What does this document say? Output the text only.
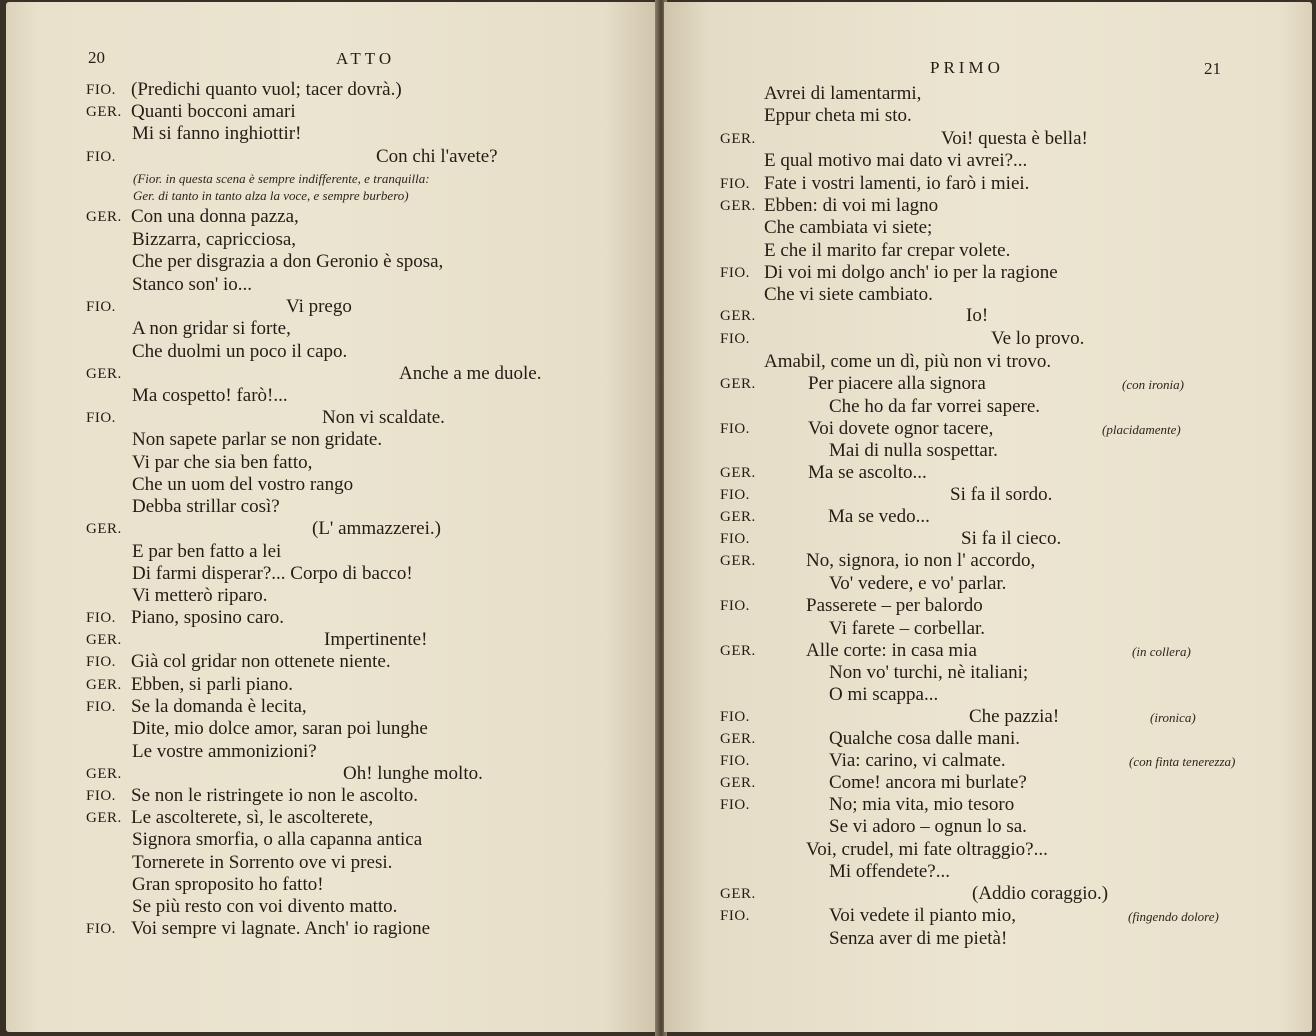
20	ATTO
FIO. (Predichi quanto vuol; tacer dovrà.)
GER. Quanti bocconi amari
Mi si fanno inghiottir!
FIO.	Con chi l'avete?
(Fior. in questa scena è sempre indifferente, e tranquilla:
Ger. di tanto in tanto alza la voce, e sempre burbero)
GER. Con una donna pazza,
Bizzarra, capricciosa,
Che per disgrazia a don Geronio è sposa,
Stanco son' io...
FIO.	Vi prego
A non gridar si forte,
Che duolmi un poco il capo.
GER.	Anche a me duole.
Ma cospetto! farò!...
FIO.	Non vi scaldate.
Non sapete parlar se non gridate.
Vi par che sia ben fatto,
Che un uom del vostro rango
Debba strillar così?
GER.	(L' ammazzerei.)
E par ben fatto a lei
Di farmi disperar?... Corpo di bacco!
Vi metterò riparo.
FIO. Piano, sposino caro.
GER.	Impertinente!
FIO. Già col gridar non ottenete niente.
GER. Ebben, si parli piano.
FIO. Se la domanda è lecita,
Dite, mio dolce amor, saran poi lunghe
Le vostre ammonizioni?
GER.	Oh! lunghe molto.
FIO. Se non le ristringete io non le ascolto.
GER. Le ascolterete, sì, le ascolterete,
Signora smorfia, o alla capanna antica
Tornerete in Sorrento ove vi presi.
Gran sproposito ho fatto!
Se più resto con voi divento matto.
FIO. Voi sempre vi lagnate. Anch' io ragione
PRIMO	21
Avrei di lamentarmi,
Eppur cheta mi sto.
GER.	Voi! questa è bella!
E qual motivo mai dato vi avrei?...
FIO. Fate i vostri lamenti, io farò i miei.
GER. Ebben: di voi mi lagno
Che cambiata vi siete;
E che il marito far crepar volete.
FIO. Di voi mi dolgo anch' io per la ragione
Che vi siete cambiato.
GER.	Io!
FIO.	Ve lo provo.
Amabil, come un dì, più non vi trovo.
GER.	Per piacere alla signora	(con ironia)
Che ho da far vorrei sapere.
FIO.	Voi dovete ognor tacere,	(placidamente)
Mai di nulla sospettar.
GER.	Ma se ascolto...
FIO.	Si fa il sordo.
GER.	Ma se vedo...
FIO.	Si fa il cieco.
GER.	No, signora, io non l' accordo,
Vo' vedere, e vo' parlar.
FIO.	Passerete – per balordo
Vi farete – corbellar.
GER.	Alle corte: in casa mia	(in collera)
Non vo' turchi, nè italiani;
O mi scappa...
FIO.	Che pazzia!	(ironica)
GER.	Qualche cosa dalle mani.
FIO.	Via: carino, vi calmate.	(con finta tenerezza)
GER.	Come! ancora mi burlate?
FIO.	No; mia vita, mio tesoro
Se vi adoro – ognun lo sa.
Voi, crudel, mi fate oltraggio?...
Mi offendete?...
GER.	(Addio coraggio.)
FIO.	Voi vedete il pianto mio,	(fingendo dolore)
Senza aver di me pietà!
